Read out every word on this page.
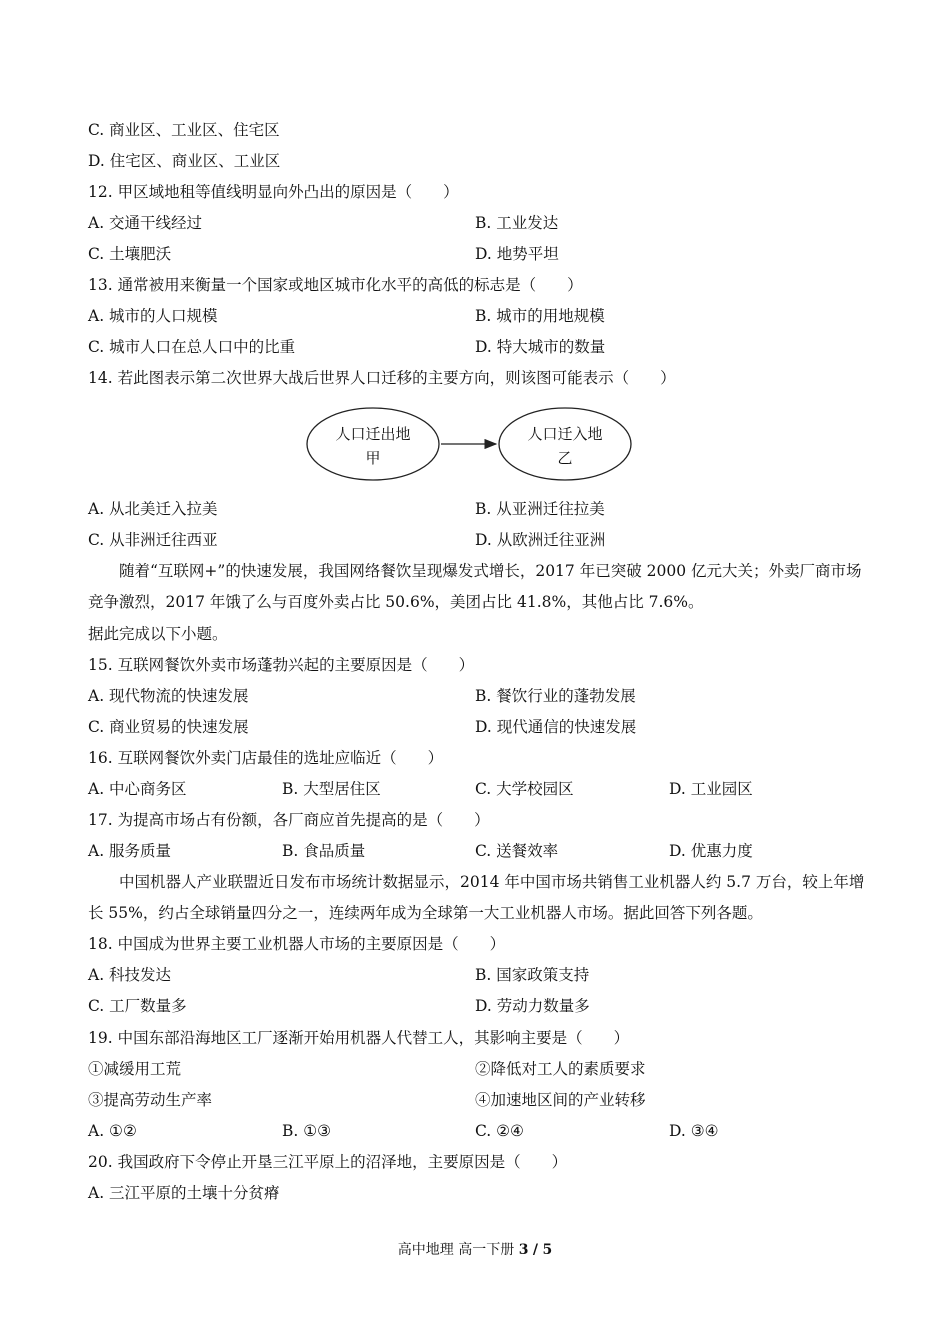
C. 商业区、工业区、住宅区
D. 住宅区、商业区、工业区
12. 甲区域地租等值线明显向外凸出的原因是（　　）
A. 交通干线经过	B. 工业发达
C. 土壤肥沃	D. 地势平坦
13. 通常被用来衡量一个国家或地区城市化水平的高低的标志是（　　）
A. 城市的人口规模	B. 城市的用地规模
C. 城市人口在总人口中的比重	D. 特大城市的数量
14. 若此图表示第二次世界大战后世界人口迁移的主要方向，则该图可能表示（　　）
人口迁出地
甲
人口迁入地
乙
A. 从北美迁入拉美	B. 从亚洲迁往拉美
C. 从非洲迁往西亚	D. 从欧洲迁往亚洲
随着“互联网+”的快速发展，我国网络餐饮呈现爆发式增长，2017 年已突破 2000 亿元大关；外卖厂商市场竞争激烈，2017 年饿了么与百度外卖占比 50.6%，美团占比 41.8%，其他占比 7.6%。
据此完成以下小题。
15. 互联网餐饮外卖市场蓬勃兴起的主要原因是（　　）
A. 现代物流的快速发展	B. 餐饮行业的蓬勃发展
C. 商业贸易的快速发展	D. 现代通信的快速发展
16. 互联网餐饮外卖门店最佳的选址应临近（　　）
A. 中心商务区	B. 大型居住区	C. 大学校园区	D. 工业园区
17. 为提高市场占有份额，各厂商应首先提高的是（　　）
A. 服务质量	B. 食品质量	C. 送餐效率	D. 优惠力度
中国机器人产业联盟近日发布市场统计数据显示，2014 年中国市场共销售工业机器人约 5.7 万台，较上年增长 55%，约占全球销量四分之一，连续两年成为全球第一大工业机器人市场。据此回答下列各题。
18. 中国成为世界主要工业机器人市场的主要原因是（　　）
A. 科技发达	B. 国家政策支持
C. 工厂数量多	D. 劳动力数量多
19. 中国东部沿海地区工厂逐渐开始用机器人代替工人，其影响主要是（　　）
①减缓用工荒	②降低对工人的素质要求
③提高劳动生产率	④加速地区间的产业转移
A. ①②	B. ①③	C. ②④	D. ③④
20. 我国政府下令停止开垦三江平原上的沼泽地，主要原因是（　　）
A. 三江平原的土壤十分贫瘠
高中地理 高一下册 3 / 5
